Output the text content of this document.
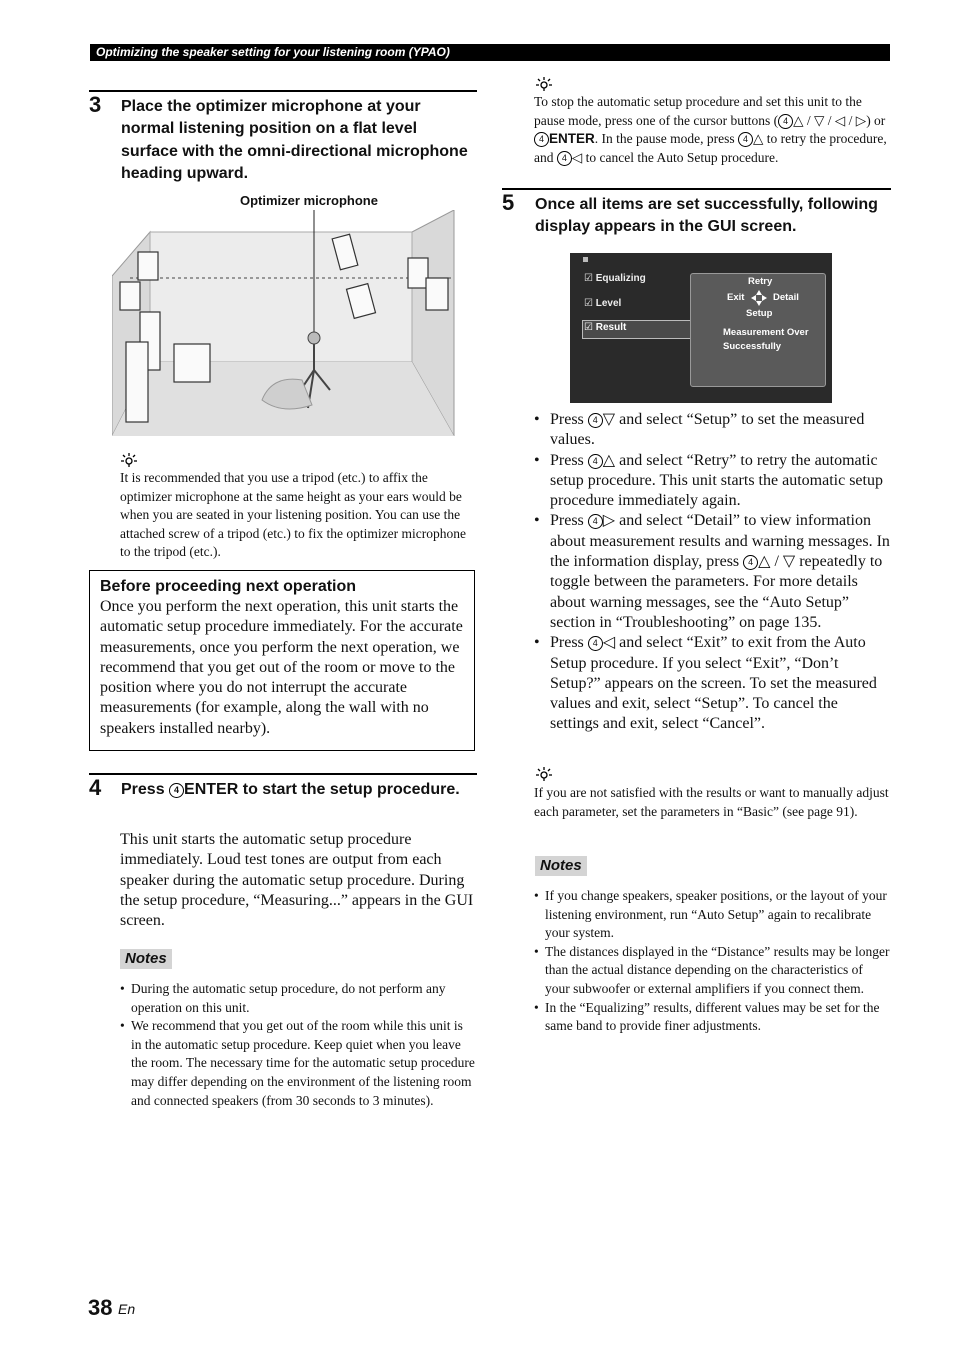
Optimizing the speaker setting for your listening room (YPAO)
3 Place the optimizer microphone at your normal listening position on a flat level surface with the omni-directional microphone heading upward.
Optimizer microphone
It is recommended that you use a tripod (etc.) to affix the optimizer microphone at the same height as your ears would be when you are seated in your listening position. You can use the attached screw of a tripod (etc.) to fix the optimizer microphone to the tripod (etc.).
Before proceeding next operation
Once you perform the next operation, this unit starts the automatic setup procedure immediately. For the accurate measurements, once you perform the next operation, we recommend that you get out of the room or move to the position where you do not interrupt the accurate measurements (for example, along the wall with no speakers installed nearby).
4 Press 4 ENTER to start the setup procedure.
This unit starts the automatic setup procedure immediately. Loud test tones are output from each speaker during the automatic setup procedure. During the setup procedure, “Measuring...” appears in the GUI screen.
Notes
• During the automatic setup procedure, do not perform any operation on this unit.
• We recommend that you get out of the room while this unit is in the automatic setup procedure. Keep quiet when you leave the room. The necessary time for the automatic setup procedure may differ depending on the environment of the listening room and connected speakers (from 30 seconds to 3 minutes).
To stop the automatic setup procedure and set this unit to the pause mode, press one of the cursor buttons ( 4 △ / ▽ / ◁ / ▷) or 4 ENTER. In the pause mode, press 4 △ to retry the procedure, and 4 ◁ to cancel the Auto Setup procedure.
5 Once all items are set successfully, following display appears in the GUI screen.
☑ Equalizing
☑ Level
☑ Result
Retry
Exit	Detail
Setup
Measurement Over
Successfully
• Press 4 ▽ and select “Setup” to set the measured values.
• Press 4 △ and select “Retry” to retry the automatic setup procedure. This unit starts the automatic setup procedure immediately again.
• Press 4 ▷ and select “Detail” to view information about measurement results and warning messages. In the information display, press 4 △ / ▽ repeatedly to toggle between the parameters. For more details about warning messages, see the “Auto Setup” section in “Troubleshooting” on page 135.
• Press 4 ◁ and select “Exit” to exit from the Auto Setup procedure. If you select “Exit”, “Don’t Setup?” appears on the screen. To set the measured values and exit, select “Setup”. To cancel the settings and exit, select “Cancel”.
If you are not satisfied with the results or want to manually adjust each parameter, set the parameters in “Basic” (see page 91).
Notes
• If you change speakers, speaker positions, or the layout of your listening environment, run “Auto Setup” again to recalibrate your system.
• The distances displayed in the “Distance” results may be longer than the actual distance depending on the characteristics of your subwoofer or external amplifiers if you connect them.
• In the “Equalizing” results, different values may be set for the same band to provide finer adjustments.
38 En
